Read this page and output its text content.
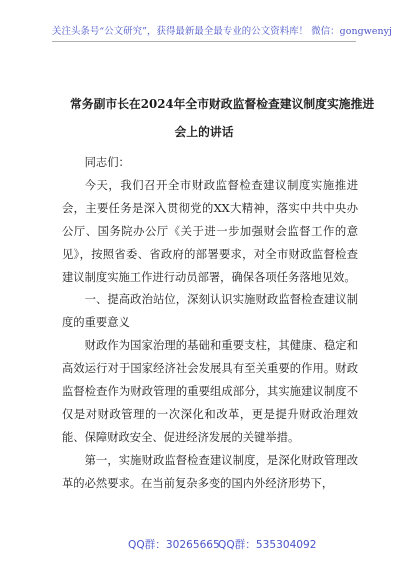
关注头条号“公文研究”，获得最新最全最专业的公文资料库！ 微信：gongwenyj
常务副市长在2024年全市财政监督检查建议制度实施推进
会上的讲话

同志们：

今天，我们召开全市财政监督检查建议制度实施推进会，主要任务是深入贯彻党的XX大精神，落实中共中央办公厅、国务院办公厅《关于进一步加强财会监督工作的意见》，按照省委、省政府的部署要求，对全市财政监督检查建议制度实施工作进行动员部署，确保各项任务落地见效。

一、提高政治站位，深刻认识实施财政监督检查建议制度的重要意义

财政作为国家治理的基础和重要支柱，其健康、稳定和高效运行对于国家经济社会发展具有至关重要的作用。财政监督检查作为财政管理的重要组成部分，其实施建议制度不仅是对财政管理的一次深化和改革，更是提升财政治理效能、保障财政安全、促进经济发展的关键举措。

第一，实施财政监督检查建议制度，是深化财政管理改革的必然要求。在当前复杂多变的国内外经济形势下，

QQ群：30265665
QQ群：535304092
